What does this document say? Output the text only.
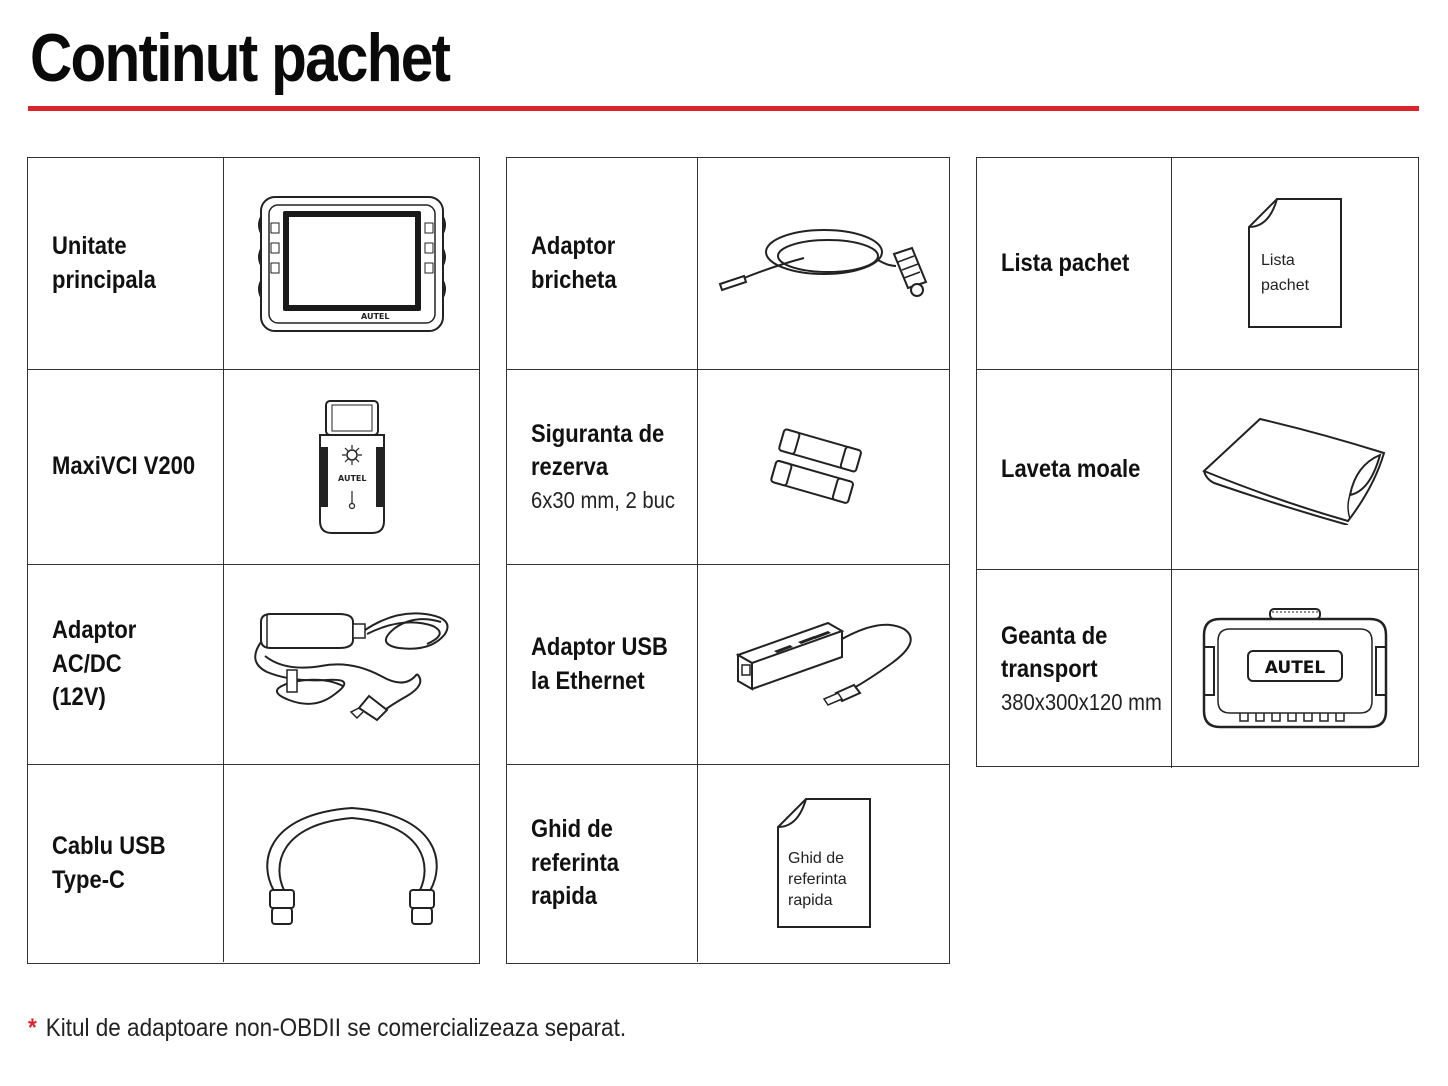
Continut pachet
Unitate
principala
AUTEL
MaxiVCI V200	AUTEL
Adaptor AC/DC
(12V)
Cablu USB
Type-C
Adaptor
bricheta
Siguranta de
rezerva
6x30 mm, 2 buc
Adaptor USB
la Ethernet
Ghid de
referinta
rapida
Ghid de
referinta
rapida
Lista pachet	Lista
pachet
Laveta moale
Geanta de
transport
380x300x120 mm
AUTEL
* Kitul de adaptoare non-OBDII se comercializeaza separat.
